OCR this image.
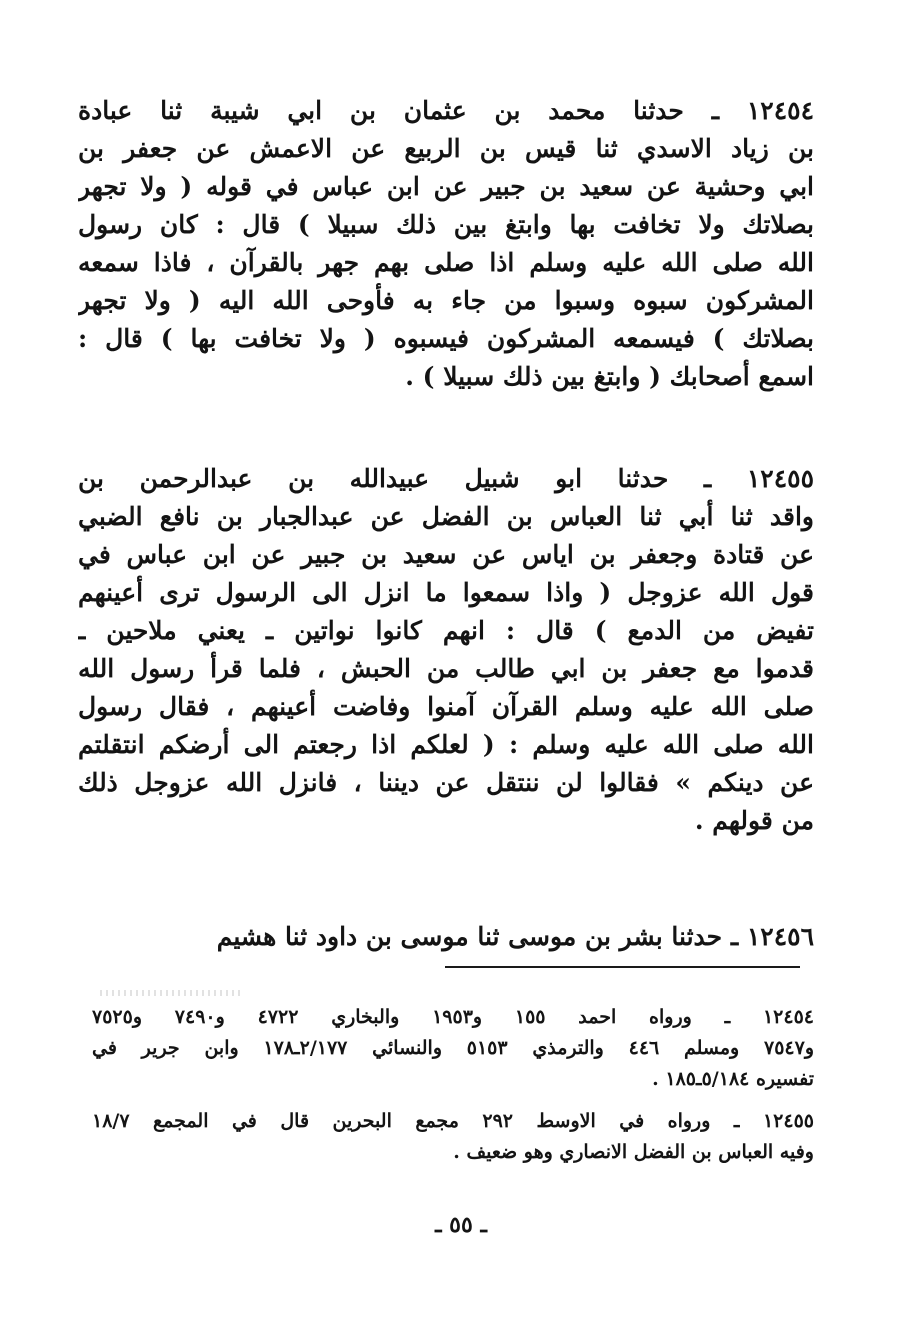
١٢٤٥٤ ـ حدثنا محمد بن عثمان بن ابي شيبة ثنا عبادة
بن زياد الاسدي ثنا قيس بن الربيع عن الاعمش عن جعفر بن
ابي وحشية عن سعيد بن جبير عن ابن عباس في قوله ( ولا تجهر
بصلاتك ولا تخافت بها وابتغ بين ذلك سبيلا ) قال : كان رسول
الله صلى الله عليه وسلم اذا صلى بهم جهر بالقرآن ، فاذا سمعه
المشركون سبوه وسبوا من جاء به فأوحى الله اليه ( ولا تجهر
بصلاتك ) فيسمعه المشركون فيسبوه ( ولا تخافت بها ) قال :
اسمع أصحابك ( وابتغ بين ذلك سبيلا ) .
١٢٤٥٥ ـ حدثنا ابو شبيل عبيدالله بن عبدالرحمن بن
واقد ثنا أبي ثنا العباس بن الفضل عن عبدالجبار بن نافع الضبي
عن قتادة وجعفر بن اياس عن سعيد بن جبير عن ابن عباس في
قول الله عزوجل ( واذا سمعوا ما انزل الى الرسول ترى أعينهم
تفيض من الدمع ) قال : انهم كانوا نواتين ـ يعني ملاحين ـ
قدموا مع جعفر بن ابي طالب من الحبش ، فلما قرأ رسول الله
صلى الله عليه وسلم القرآن آمنوا وفاضت أعينهم ، فقال رسول
الله صلى الله عليه وسلم : ( لعلكم اذا رجعتم الى أرضكم انتقلتم
عن دينكم » فقالوا لن ننتقل عن ديننا ، فانزل الله عزوجل ذلك
من قولهم .
١٢٤٥٦ ـ حدثنا بشر بن موسى ثنا موسى بن داود ثنا هشيم
١٢٤٥٤ ـ ورواه احمد ١٥٥ و١٩٥٣ والبخاري ٤٧٢٢ و٧٤٩٠ و٧٥٢٥
و٧٥٤٧ ومسلم ٤٤٦ والترمذي ٥١٥٣ والنسائي ٢/١٧٧ـ١٧٨ وابن جرير في
تفسيره ٥/١٨٤ـ١٨٥ .
١٢٤٥٥ ـ ورواه في الاوسط ٢٩٢ مجمع البحرين قال في المجمع ١٨/٧
وفيه العباس بن الفضل الانصاري وهو ضعيف .
ـ ٥٥ ـ
